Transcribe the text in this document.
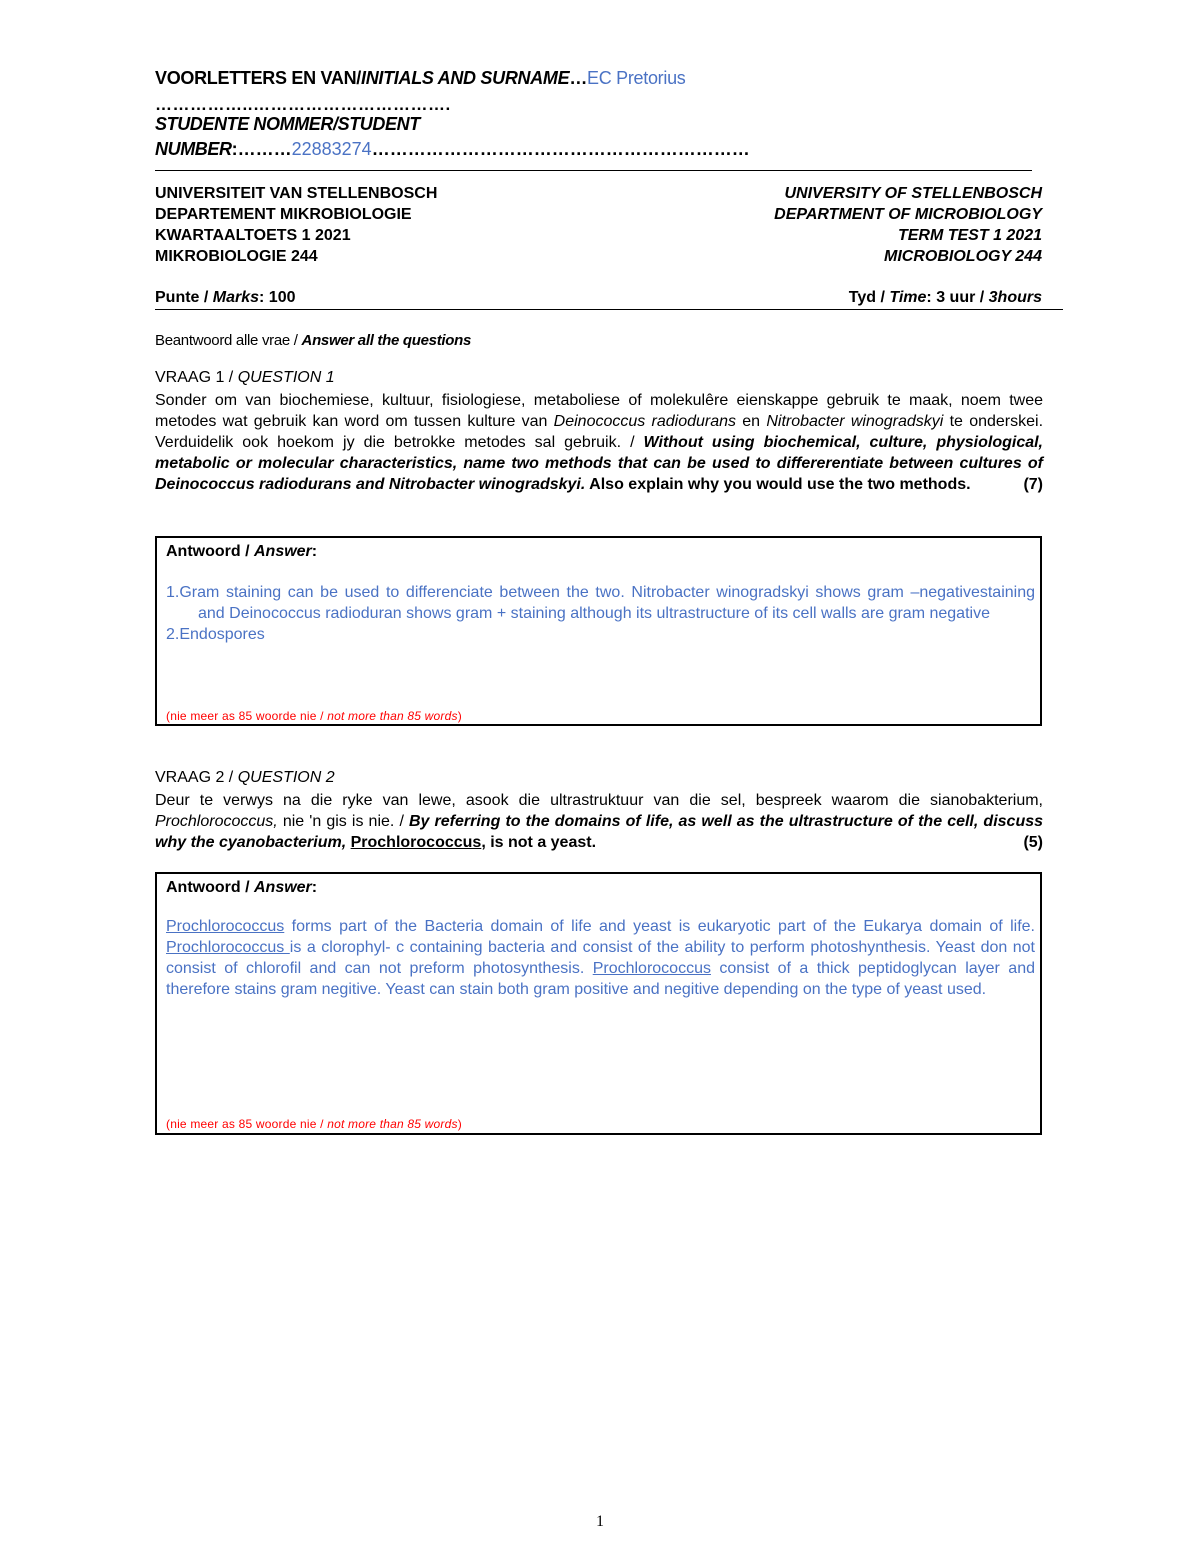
VOORLETTERS EN VAN/INITIALS AND SURNAME…EC Pretorius
……………..…………………………….
STUDENTE NOMMER/STUDENT
NUMBER:………22883274………………………………………………………
UNIVERSITEIT VAN STELLENBOSCH	UNIVERSITY OF STELLENBOSCH
DEPARTEMENT MIKROBIOLOGIE	DEPARTMENT OF MICROBIOLOGY
KWARTAALTOETS 1 2021	TERM TEST 1 2021
MIKROBIOLOGIE 244	MICROBIOLOGY 244
Punte / Marks: 100	Tyd / Time: 3 uur / 3hours
Beantwoord alle vrae / Answer all the questions
VRAAG 1 / QUESTION 1
Sonder om van biochemiese, kultuur, fisiologiese, metaboliese of molekulêre eienskappe gebruik te maak, noem twee metodes wat gebruik kan word om tussen kulture van Deinococcus radiodurans en Nitrobacter winogradskyi te onderskei. Verduidelik ook hoekom jy die betrokke metodes sal gebruik. / Without using biochemical, culture, physiological, metabolic or molecular characteristics, name two methods that can be used to differerentiate between cultures of Deinococcus radiodurans and Nitrobacter winogradskyi. Also explain why you would use the two methods.	(7)
Antwoord / Answer:
1.Gram staining can be used to differenciate between the two. Nitrobacter winogradskyi shows gram –negativestaining and Deinococcus radioduran shows gram + staining although its ultrastructure of its cell walls are gram negative
2.Endospores
(nie meer as 85 woorde nie / not more than 85 words)
VRAAG 2 / QUESTION 2
Deur te verwys na die ryke van lewe, asook die ultrastruktuur van die sel, bespreek waarom die sianobakterium, Prochlorococcus, nie 'n gis is nie. / By referring to the domains of life, as well as the ultrastructure of the cell, discuss why the cyanobacterium, Prochlorococcus, is not a yeast.	(5)
Antwoord / Answer:
Prochlorococcus forms part of the Bacteria domain of life and yeast is eukaryotic part of the Eukarya domain of life. Prochlorococcus is a clorophyl- c containing bacteria and consist of the ability to perform photoshynthesis. Yeast don not consist of chlorofil and can not preform photosynthesis. Prochlorococcus consist of a thick peptidoglycan layer and therefore stains gram negitive. Yeast can stain both gram positive and negitive depending on the type of yeast used.
(nie meer as 85 woorde nie / not more than 85 words)
1
